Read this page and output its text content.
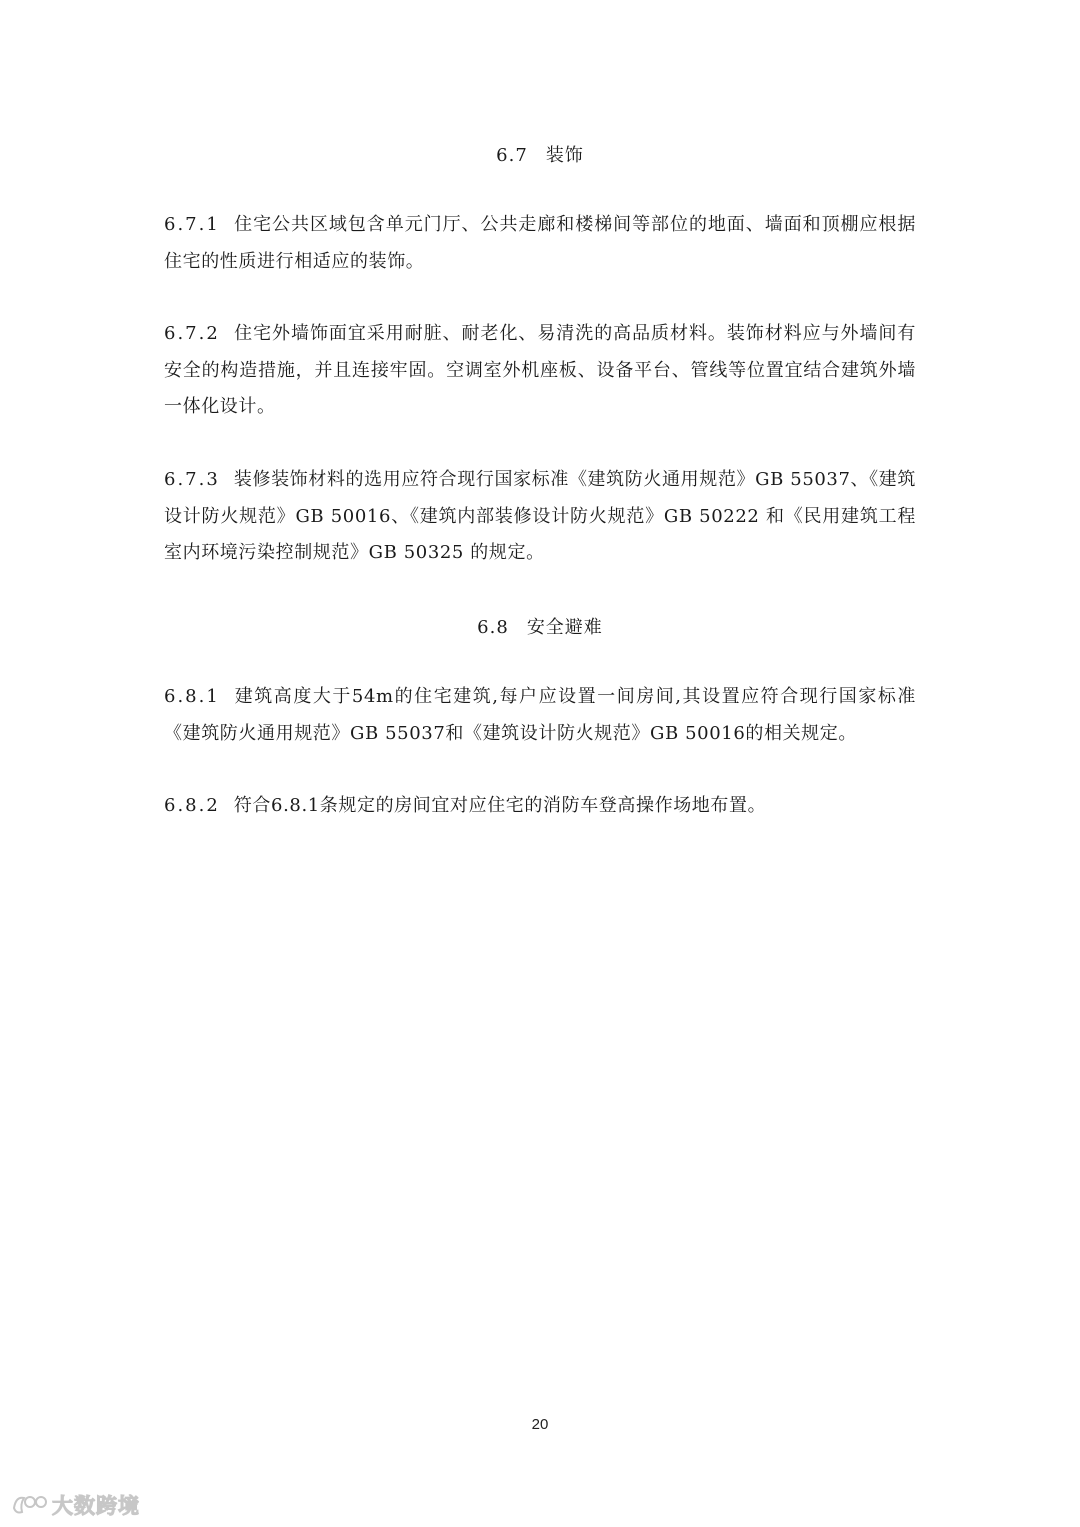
6.7 装饰
6.7.1 住宅公共区域包含单元门厅、公共走廊和楼梯间等部位的地面、墙面和顶棚应根据住宅的性质进行相适应的装饰。
6.7.2 住宅外墙饰面宜采用耐脏、耐老化、易清洗的高品质材料。装饰材料应与外墙间有安全的构造措施，并且连接牢固。空调室外机座板、设备平台、管线等位置宜结合建筑外墙一体化设计。
6.7.3 装修装饰材料的选用应符合现行国家标准《建筑防火通用规范》GB 55037、《建筑设计防火规范》GB 50016、《建筑内部装修设计防火规范》GB 50222 和《民用建筑工程室内环境污染控制规范》GB 50325 的规定。
6.8 安全避难
6.8.1 建筑高度大于54m的住宅建筑,每户应设置一间房间,其设置应符合现行国家标准《建筑防火通用规范》GB 55037和《建筑设计防火规范》GB 50016的相关规定。
6.8.2 符合6.8.1条规定的房间宜对应住宅的消防车登高操作场地布置。
20
大数跨境
